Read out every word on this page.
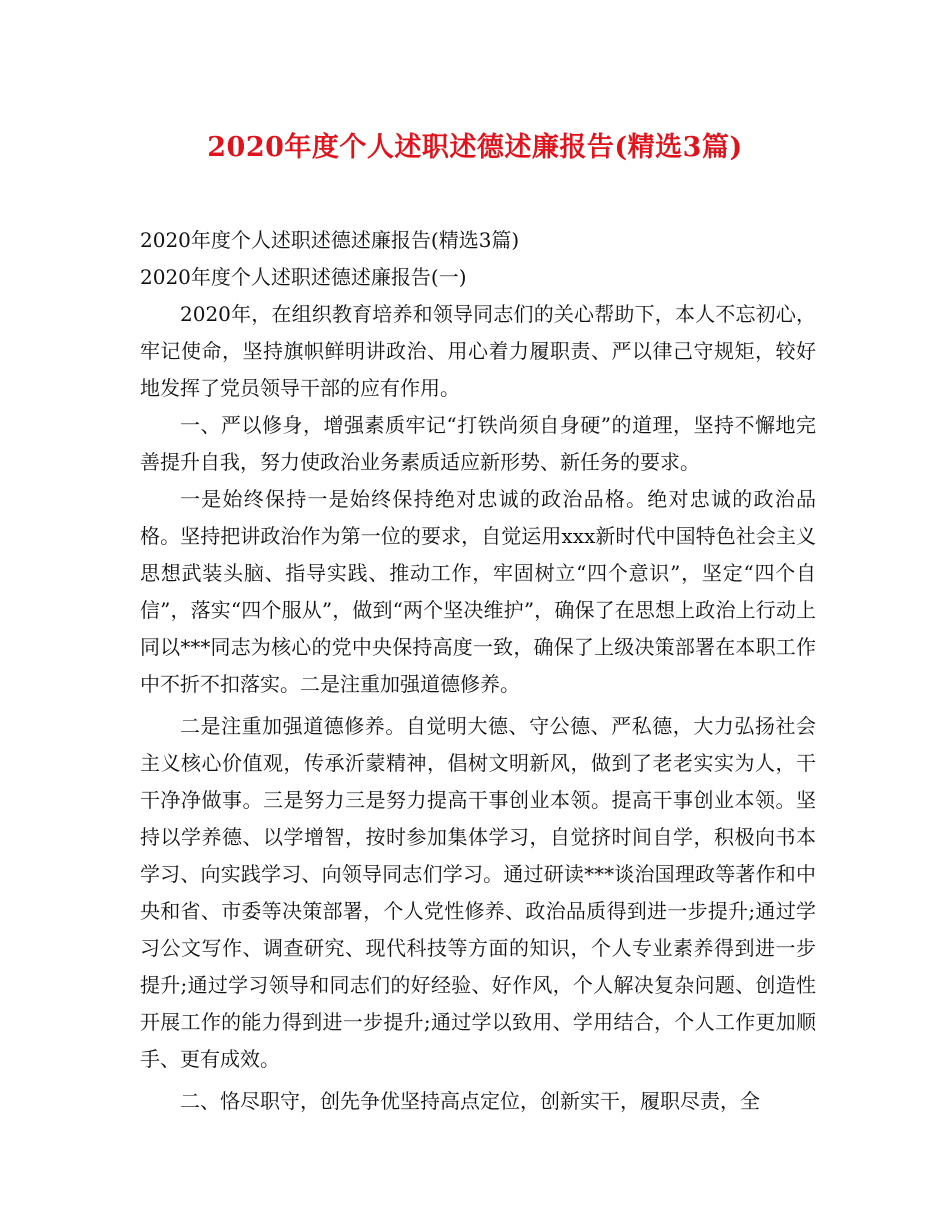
2020年度个人述职述德述廉报告(精选3篇)

2020年度个人述职述德述廉报告(精选3篇)

2020年度个人述职述德述廉报告(一)

2020年，在组织教育培养和领导同志们的关心帮助下，本人不忘初心，牢记使命，坚持旗帜鲜明讲政治、用心着力履职责、严以律己守规矩，较好地发挥了党员领导干部的应有作用。

一、严以修身，增强素质牢记“打铁尚须自身硬”的道理，坚持不懈地完善提升自我，努力使政治业务素质适应新形势、新任务的要求。

一是始终保持一是始终保持绝对忠诚的政治品格。绝对忠诚的政治品格。坚持把讲政治作为第一位的要求，自觉运用xxx新时代中国特色社会主义思想武装头脑、指导实践、推动工作，牢固树立“四个意识”，坚定“四个自信”，落实“四个服从”，做到“两个坚决维护”，确保了在思想上政治上行动上同以***同志为核心的党中央保持高度一致，确保了上级决策部署在本职工作中不折不扣落实。二是注重加强道德修养。

二是注重加强道德修养。自觉明大德、守公德、严私德，大力弘扬社会主义核心价值观，传承沂蒙精神，倡树文明新风，做到了老老实实为人，干干净净做事。三是努力三是努力提高干事创业本领。提高干事创业本领。坚持以学养德、以学增智，按时参加集体学习，自觉挤时间自学，积极向书本学习、向实践学习、向领导同志们学习。通过研读***谈治国理政等著作和中央和省、市委等决策部署，个人党性修养、政治品质得到进一步提升;通过学习公文写作、调查研究、现代科技等方面的知识，个人专业素养得到进一步提升;通过学习领导和同志们的好经验、好作风，个人解决复杂问题、创造性开展工作的能力得到进一步提升;通过学以致用、学用结合，个人工作更加顺手、更有成效。

二、恪尽职守，创先争优坚持高点定位，创新实干，履职尽责，全
